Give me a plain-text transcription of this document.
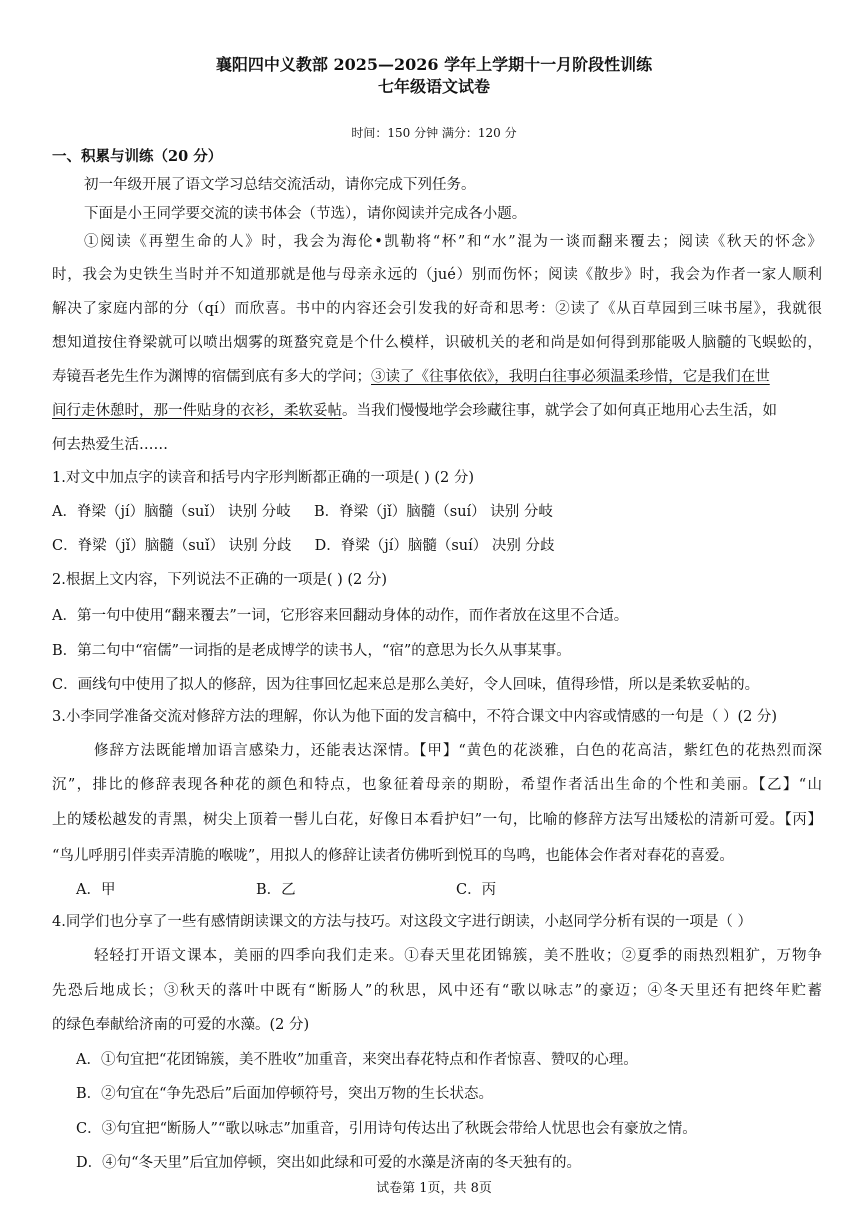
襄阳四中义教部 2025—2026 学年上学期十一月阶段性训练
七年级语文试卷
时间：150 分钟 满分：120 分
一、积累与训练（20 分）
初一年级开展了语文学习总结交流活动，请你完成下列任务。
下面是小王同学要交流的读书体会（节选），请你阅读并完成各小题。
①阅读《再塑生命的人》时，我会为海伦•凯勒将“杯”和“水”混为一谈而翻来覆去；阅读《秋天的怀念》
时，我会为史铁生当时并不知道那就是他与母亲永远的（jué）别而伤怀；阅读《散步》时，我会为作者一家人顺利
解决了家庭内部的分（qí）而欣喜。书中的内容还会引发我的好奇和思考：②读了《从百草园到三味书屋》，我就很
想知道按住脊梁就可以喷出烟雾的斑蝥究竟是个什么模样，识破机关的老和尚是如何得到那能吸人脑髓的飞蜈蚣的，
寿镜吾老先生作为渊博的宿儒到底有多大的学问；③读了《往事依依》，我明白往事必须温柔珍惜，它是我们在世
间行走休憩时，那一件贴身的衣衫，柔软妥帖。当我们慢慢地学会珍藏往事，就学会了如何真正地用心去生活，如
何去热爱生活……
1.对文中加点字的读音和括号内字形判断都正确的一项是( ) (2 分)
A．脊梁（jí）脑髓（suǐ） 诀别 分岐 B．脊梁（jǐ）脑髓（suí） 诀别 分岐
C．脊梁（jǐ）脑髓（suǐ） 诀别 分歧 D．脊梁（jí）脑髓（suí） 决别 分歧
2.根据上文内容，下列说法不正确的一项是( ) (2 分)
A．第一句中使用“翻来覆去”一词，它形容来回翻动身体的动作，而作者放在这里不合适。
B．第二句中“宿儒”一词指的是老成博学的读书人，“宿”的意思为长久从事某事。
C．画线句中使用了拟人的修辞，因为往事回忆起来总是那么美好，令人回味，值得珍惜，所以是柔软妥帖的。
3.小李同学准备交流对修辞方法的理解，你认为他下面的发言稿中，不符合课文中内容或情感的一句是（ ）(2 分)
修辞方法既能增加语言感染力，还能表达深情。【甲】“黄色的花淡雅，白色的花高洁，紫红色的花热烈而深
沉”，排比的修辞表现各种花的颜色和特点，也象征着母亲的期盼，希望作者活出生命的个性和美丽。【乙】“山
上的矮松越发的青黑，树尖上顶着一髻儿白花，好像日本看护妇”一句，比喻的修辞方法写出矮松的清新可爱。【丙】
“鸟儿呼朋引伴卖弄清脆的喉咙”，用拟人的修辞让读者仿佛听到悦耳的鸟鸣，也能体会作者对春花的喜爱。
A．甲	B．乙	C．丙
4.同学们也分享了一些有感情朗读课文的方法与技巧。对这段文字进行朗读，小赵同学分析有误的一项是（ ）
轻轻打开语文课本，美丽的四季向我们走来。①春天里花团锦簇，美不胜收；②夏季的雨热烈粗犷，万物争
先恐后地成长；③秋天的落叶中既有“断肠人”的秋思，风中还有“歌以咏志”的豪迈；④冬天里还有把终年贮蓄
的绿色奉献给济南的可爱的水藻。(2 分)
A．①句宜把“花团锦簇，美不胜收”加重音，来突出春花特点和作者惊喜、赞叹的心理。
B．②句宜在“争先恐后”后面加停顿符号，突出万物的生长状态。
C．③句宜把“断肠人”“歌以咏志”加重音，引用诗句传达出了秋既会带给人忧思也会有豪放之情。
D．④句“冬天里”后宜加停顿，突出如此绿和可爱的水藻是济南的冬天独有的。
试卷第 1页，共 8页
